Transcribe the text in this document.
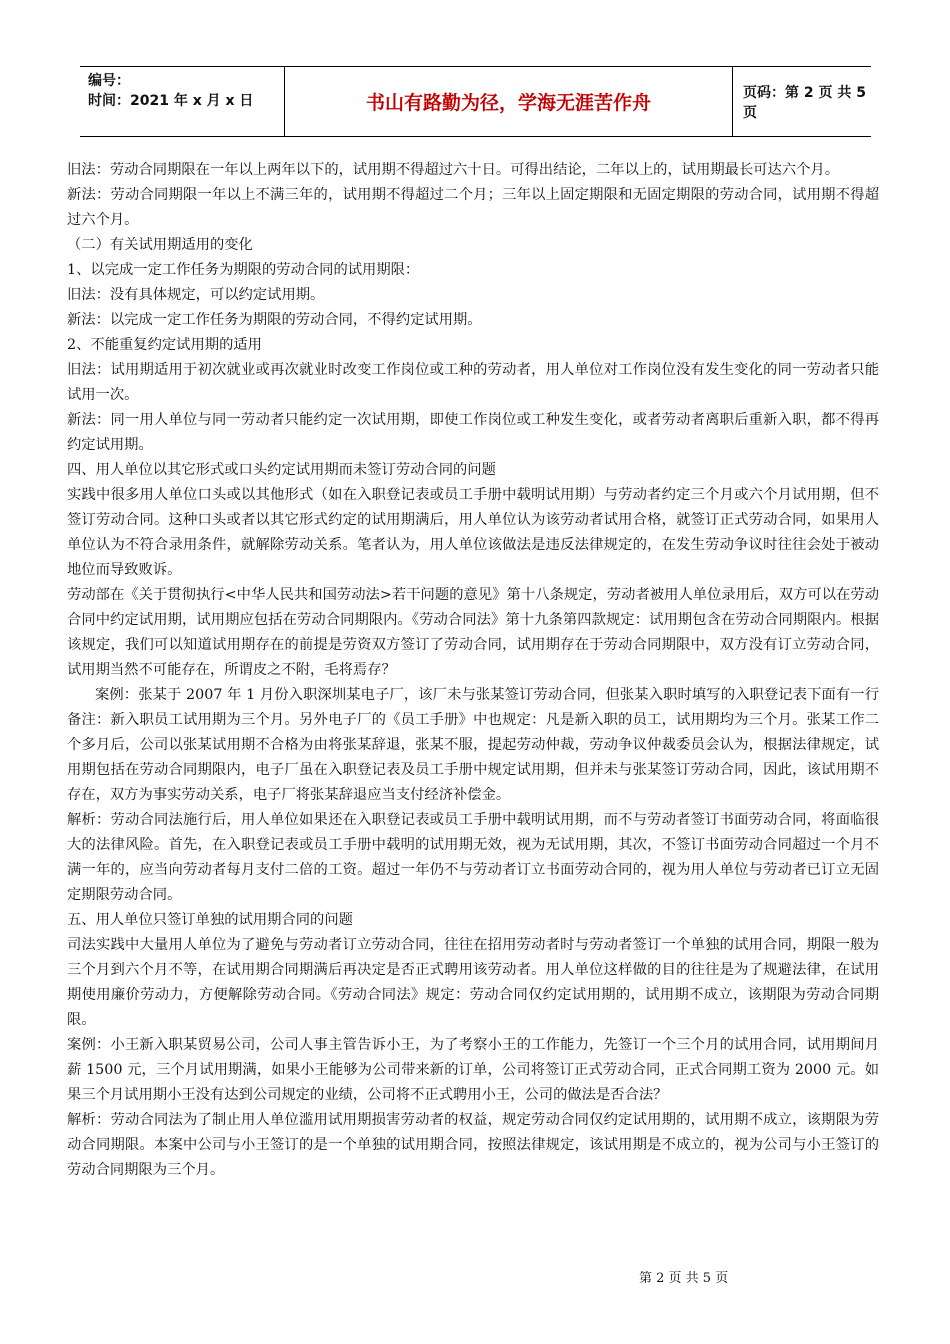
编号：
时间：2021 年 x 月 x 日	书山有路勤为径，学海无涯苦作舟	页码：第 2 页 共 5 页

旧法：劳动合同期限在一年以上两年以下的，试用期不得超过六十日。可得出结论，二年以上的，试用期最长可达六个月。

新法：劳动合同期限一年以上不满三年的，试用期不得超过二个月；三年以上固定期限和无固定期限的劳动合同，试用期不得超过六个月。

（二）有关试用期适用的变化

1、以完成一定工作任务为期限的劳动合同的试用期限：

旧法：没有具体规定，可以约定试用期。

新法：以完成一定工作任务为期限的劳动合同，不得约定试用期。

2、不能重复约定试用期的适用

旧法：试用期适用于初次就业或再次就业时改变工作岗位或工种的劳动者，用人单位对工作岗位没有发生变化的同一劳动者只能试用一次。

新法：同一用人单位与同一劳动者只能约定一次试用期，即使工作岗位或工种发生变化，或者劳动者离职后重新入职，都不得再约定试用期。

四、用人单位以其它形式或口头约定试用期而未签订劳动合同的问题

实践中很多用人单位口头或以其他形式（如在入职登记表或员工手册中载明试用期）与劳动者约定三个月或六个月试用期，但不签订劳动合同。这种口头或者以其它形式约定的试用期满后，用人单位认为该劳动者试用合格，就签订正式劳动合同，如果用人单位认为不符合录用条件，就解除劳动关系。笔者认为，用人单位该做法是违反法律规定的，在发生劳动争议时往往会处于被动地位而导致败诉。

劳动部在《关于贯彻执行<中华人民共和国劳动法>若干问题的意见》第十八条规定，劳动者被用人单位录用后，双方可以在劳动合同中约定试用期，试用期应包括在劳动合同期限内。《劳动合同法》第十九条第四款规定：试用期包含在劳动合同期限内。根据该规定，我们可以知道试用期存在的前提是劳资双方签订了劳动合同，试用期存在于劳动合同期限中，双方没有订立劳动合同，试用期当然不可能存在，所谓皮之不附，毛将焉存？

案例：张某于 2007 年 1 月份入职深圳某电子厂，该厂未与张某签订劳动合同，但张某入职时填写的入职登记表下面有一行备注：新入职员工试用期为三个月。另外电子厂的《员工手册》中也规定：凡是新入职的员工，试用期均为三个月。张某工作二个多月后，公司以张某试用期不合格为由将张某辞退，张某不服，提起劳动仲裁，劳动争议仲裁委员会认为，根据法律规定，试用期包括在劳动合同期限内，电子厂虽在入职登记表及员工手册中规定试用期，但并未与张某签订劳动合同，因此，该试用期不存在，双方为事实劳动关系，电子厂将张某辞退应当支付经济补偿金。

解析：劳动合同法施行后，用人单位如果还在入职登记表或员工手册中载明试用期，而不与劳动者签订书面劳动合同，将面临很大的法律风险。首先，在入职登记表或员工手册中载明的试用期无效，视为无试用期，其次，不签订书面劳动合同超过一个月不满一年的，应当向劳动者每月支付二倍的工资。超过一年仍不与劳动者订立书面劳动合同的，视为用人单位与劳动者已订立无固定期限劳动合同。

五、用人单位只签订单独的试用期合同的问题

司法实践中大量用人单位为了避免与劳动者订立劳动合同，往往在招用劳动者时与劳动者签订一个单独的试用合同，期限一般为三个月到六个月不等，在试用期合同期满后再决定是否正式聘用该劳动者。用人单位这样做的目的往往是为了规避法律，在试用期使用廉价劳动力，方便解除劳动合同。《劳动合同法》规定：劳动合同仅约定试用期的，试用期不成立，该期限为劳动合同期限。

案例：小王新入职某贸易公司，公司人事主管告诉小王，为了考察小王的工作能力，先签订一个三个月的试用合同，试用期间月薪 1500 元，三个月试用期满，如果小王能够为公司带来新的订单，公司将签订正式劳动合同，正式合同期工资为 2000 元。如果三个月试用期小王没有达到公司规定的业绩，公司将不正式聘用小王，公司的做法是否合法？

解析：劳动合同法为了制止用人单位滥用试用期损害劳动者的权益，规定劳动合同仅约定试用期的，试用期不成立，该期限为劳动合同期限。本案中公司与小王签订的是一个单独的试用期合同，按照法律规定，该试用期是不成立的，视为公司与小王签订的劳动合同期限为三个月。

第 2 页 共 5 页
